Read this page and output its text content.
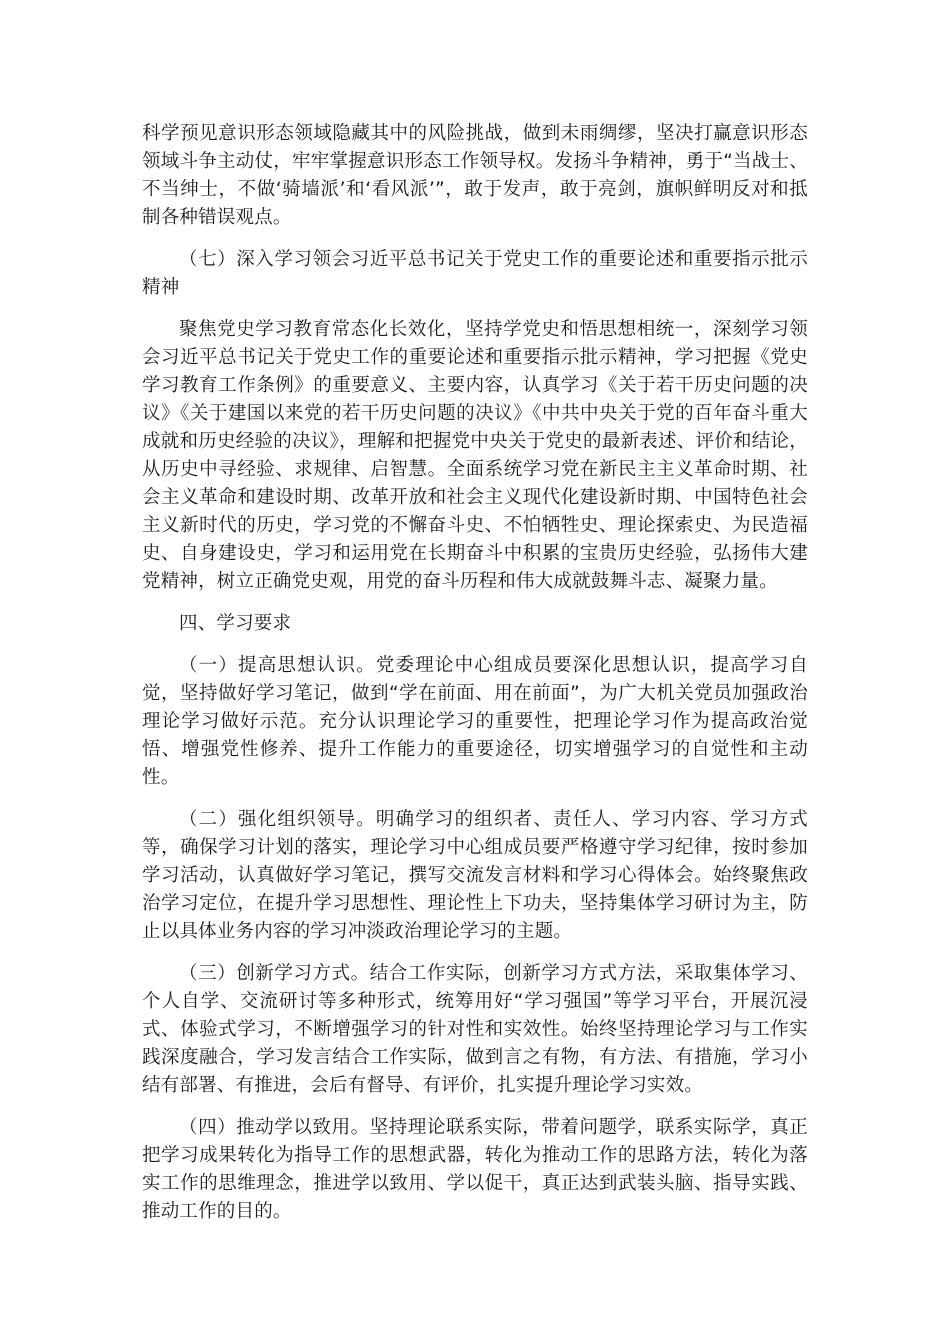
科学预见意识形态领域隐藏其中的风险挑战，做到未雨绸缪，坚决打赢意识形态领域斗争主动仗，牢牢掌握意识形态工作领导权。发扬斗争精神，勇于“当战士、不当绅士，不做‘骑墙派’和‘看风派’”，敢于发声，敢于亮剑，旗帜鲜明反对和抵制各种错误观点。

（七）深入学习领会习近平总书记关于党史工作的重要论述和重要指示批示精神

聚焦党史学习教育常态化长效化，坚持学党史和悟思想相统一，深刻学习领会习近平总书记关于党史工作的重要论述和重要指示批示精神，学习把握《党史学习教育工作条例》的重要意义、主要内容，认真学习《关于若干历史问题的决议》《关于建国以来党的若干历史问题的决议》《中共中央关于党的百年奋斗重大成就和历史经验的决议》，理解和把握党中央关于党史的最新表述、评价和结论，从历史中寻经验、求规律、启智慧。全面系统学习党在新民主主义革命时期、社会主义革命和建设时期、改革开放和社会主义现代化建设新时期、中国特色社会主义新时代的历史，学习党的不懈奋斗史、不怕牺牲史、理论探索史、为民造福史、自身建设史，学习和运用党在长期奋斗中积累的宝贵历史经验，弘扬伟大建党精神，树立正确党史观，用党的奋斗历程和伟大成就鼓舞斗志、凝聚力量。

四、学习要求

（一）提高思想认识。党委理论中心组成员要深化思想认识，提高学习自觉，坚持做好学习笔记，做到“学在前面、用在前面”，为广大机关党员加强政治理论学习做好示范。充分认识理论学习的重要性，把理论学习作为提高政治觉悟、增强党性修养、提升工作能力的重要途径，切实增强学习的自觉性和主动性。

（二）强化组织领导。明确学习的组织者、责任人、学习内容、学习方式等，确保学习计划的落实，理论学习中心组成员要严格遵守学习纪律，按时参加学习活动，认真做好学习笔记，撰写交流发言材料和学习心得体会。始终聚焦政治学习定位，在提升学习思想性、理论性上下功夫，坚持集体学习研讨为主，防止以具体业务内容的学习冲淡政治理论学习的主题。

（三）创新学习方式。结合工作实际，创新学习方式方法，采取集体学习、个人自学、交流研讨等多种形式，统筹用好“学习强国”等学习平台，开展沉浸式、体验式学习，不断增强学习的针对性和实效性。始终坚持理论学习与工作实践深度融合，学习发言结合工作实际，做到言之有物，有方法、有措施，学习小结有部署、有推进，会后有督导、有评价，扎实提升理论学习实效。

（四）推动学以致用。坚持理论联系实际，带着问题学，联系实际学，真正把学习成果转化为指导工作的思想武器，转化为推动工作的思路方法，转化为落实工作的思维理念，推进学以致用、学以促干，真正达到武装头脑、指导实践、推动工作的目的。
